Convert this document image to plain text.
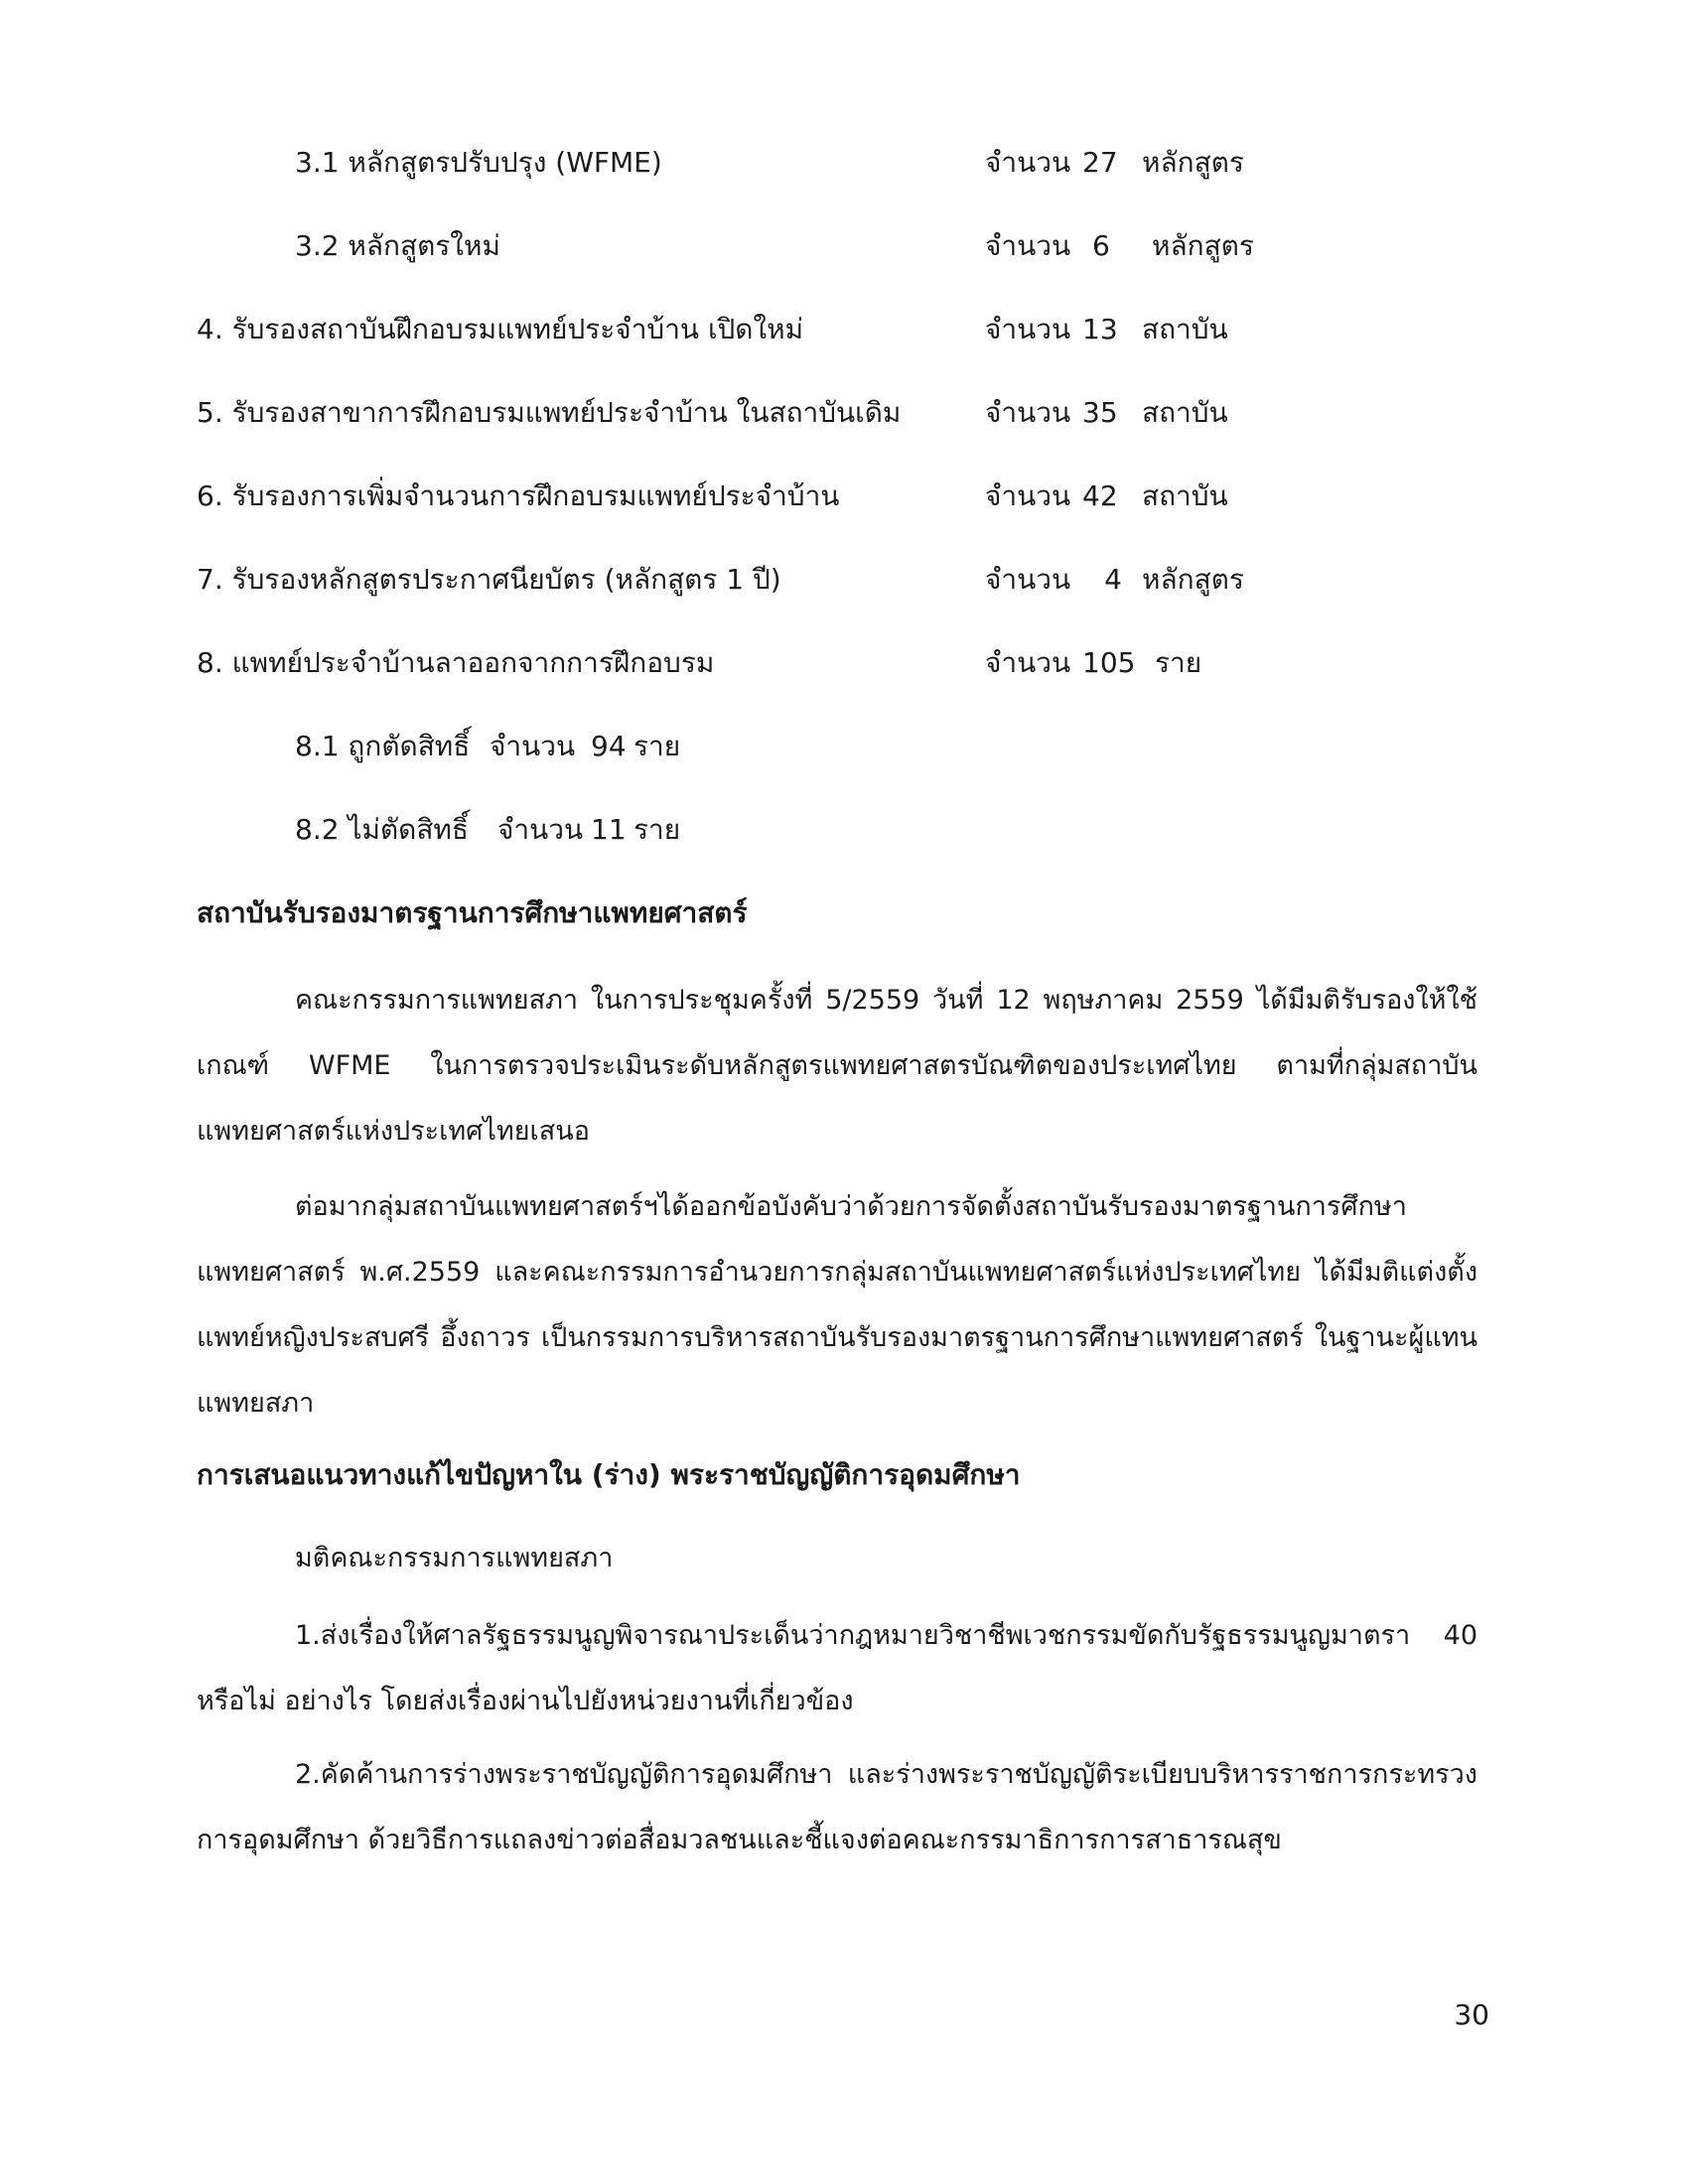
3.1 หลักสูตรปรับปรุง (WFME)	จำนวน 27 หลักสูตร
3.2 หลักสูตรใหม่	จำนวน 6	หลักสูตร
4. รับรองสถาบันฝึกอบรมแพทย์ประจำบ้าน เปิดใหม่	จำนวน 13 สถาบัน
5. รับรองสาขาการฝึกอบรมแพทย์ประจำบ้าน ในสถาบันเดิม	จำนวน 35 สถาบัน
6. รับรองการเพิ่มจำนวนการฝึกอบรมแพทย์ประจำบ้าน	จำนวน 42 สถาบัน
7. รับรองหลักสูตรประกาศนียบัตร (หลักสูตร 1 ปี)	จำนวน	4 หลักสูตร
8. แพทย์ประจำบ้านลาออกจากการฝึกอบรม	จำนวน 105 ราย
8.1 ถูกตัดสิทธิ์ จำนวน 94 ราย
8.2 ไม่ตัดสิทธิ์ จำนวน 11 ราย
สถาบันรับรองมาตรฐานการศึกษาแพทยศาสตร์

คณะกรรมการแพทยสภา ในการประชุมครั้งที่ 5/2559 วันที่ 12 พฤษภาคม 2559 ได้มีมติรับรองให้ใช้เกณฑ์ WFME ในการตรวจประเมินระดับหลักสูตรแพทยศาสตรบัณฑิตของประเทศไทย ตามที่กลุ่มสถาบันแพทยศาสตร์แห่งประเทศไทยเสนอ

ต่อมากลุ่มสถาบันแพทยศาสตร์ฯได้ออกข้อบังคับว่าด้วยการจัดตั้งสถาบันรับรองมาตรฐานการศึกษาแพทยศาสตร์ พ.ศ.2559 และคณะกรรมการอำนวยการกลุ่มสถาบันแพทยศาสตร์แห่งประเทศไทย ได้มีมติแต่งตั้งแพทย์หญิงประสบศรี อึ้งถาวร เป็นกรรมการบริหารสถาบันรับรองมาตรฐานการศึกษาแพทยศาสตร์ ในฐานะผู้แทนแพทยสภา

การเสนอแนวทางแก้ไขปัญหาใน (ร่าง) พระราชบัญญัติการอุดมศึกษา
มติคณะกรรมการแพทยสภา

1.ส่งเรื่องให้ศาลรัฐธรรมนูญพิจารณาประเด็นว่ากฎหมายวิชาชีพเวชกรรมขัดกับรัฐธรรมนูญมาตรา 40 หรือไม่ อย่างไร โดยส่งเรื่องผ่านไปยังหน่วยงานที่เกี่ยวข้อง

2.คัดค้านการร่างพระราชบัญญัติการอุดมศึกษา และร่างพระราชบัญญัติระเบียบบริหารราชการกระทรวงการอุดมศึกษา ด้วยวิธีการแถลงข่าวต่อสื่อมวลชนและชี้แจงต่อคณะกรรมาธิการการสาธารณสุข

30
